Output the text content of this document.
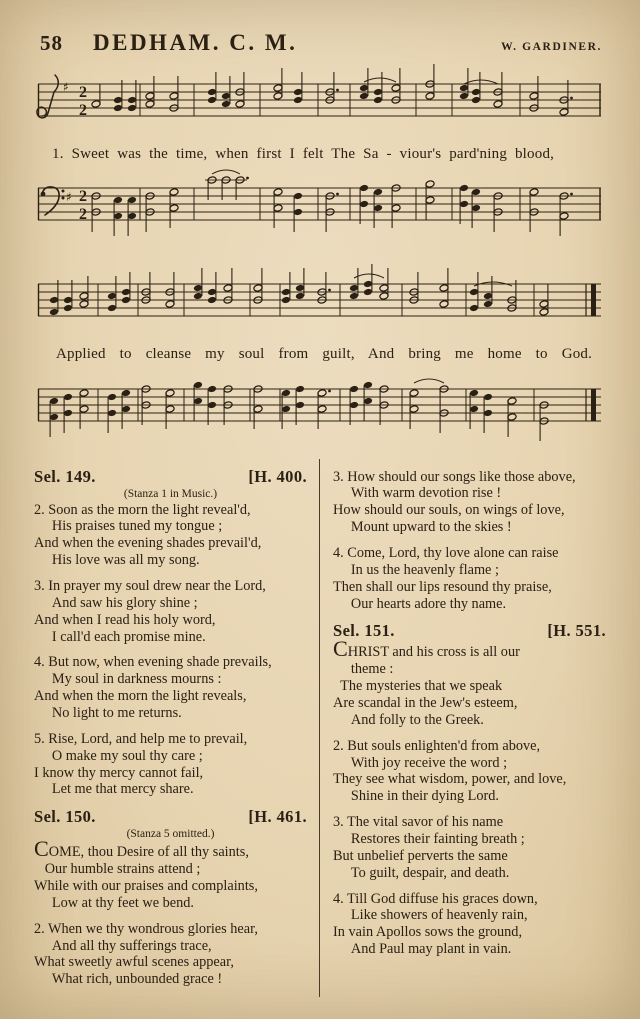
58 DEDHAM. C. M.	W. GARDINER.
♯ 2
2
1. Sweet was the time, when first I felt The Sa - viour's pard'ning blood,
♯ 2
2
Applied to cleanse my soul from guilt, And bring me home to God.
Sel. 149.	[H. 400.
(Stanza 1 in Music.)
2. Soon as the morn the light reveal'd,
His praises tuned my tongue ;
And when the evening shades prevail'd,
His love was all my song.
3. In prayer my soul drew near the Lord,
And saw his glory shine ;
And when I read his holy word,
I call'd each promise mine.
4. But now, when evening shade prevails,
My soul in darkness mourns :
And when the morn the light reveals,
No light to me returns.
5. Rise, Lord, and help me to prevail,
O make my soul thy care ;
I know thy mercy cannot fail,
Let me that mercy share.
Sel. 150.	[H. 461.
(Stanza 5 omitted.)
COME, thou Desire of all thy saints,
Our humble strains attend ;
While with our praises and complaints,
Low at thy feet we bend.
2. When we thy wondrous glories hear,
And all thy sufferings trace,
What sweetly awful scenes appear,
What rich, unbounded grace !
3. How should our songs like those above,
With warm devotion rise !
How should our souls, on wings of love,
Mount upward to the skies !
4. Come, Lord, thy love alone can raise
In us the heavenly flame ;
Then shall our lips resound thy praise,
Our hearts adore thy name.
Sel. 151.	[H. 551.
CHRIST and his cross is all our
theme :
The mysteries that we speak
Are scandal in the Jew's esteem,
And folly to the Greek.
2. But souls enlighten'd from above,
With joy receive the word ;
They see what wisdom, power, and love,
Shine in their dying Lord.
3. The vital savor of his name
Restores their fainting breath ;
But unbelief perverts the same
To guilt, despair, and death.
4. Till God diffuse his graces down,
Like showers of heavenly rain,
In vain Apollos sows the ground,
And Paul may plant in vain.
